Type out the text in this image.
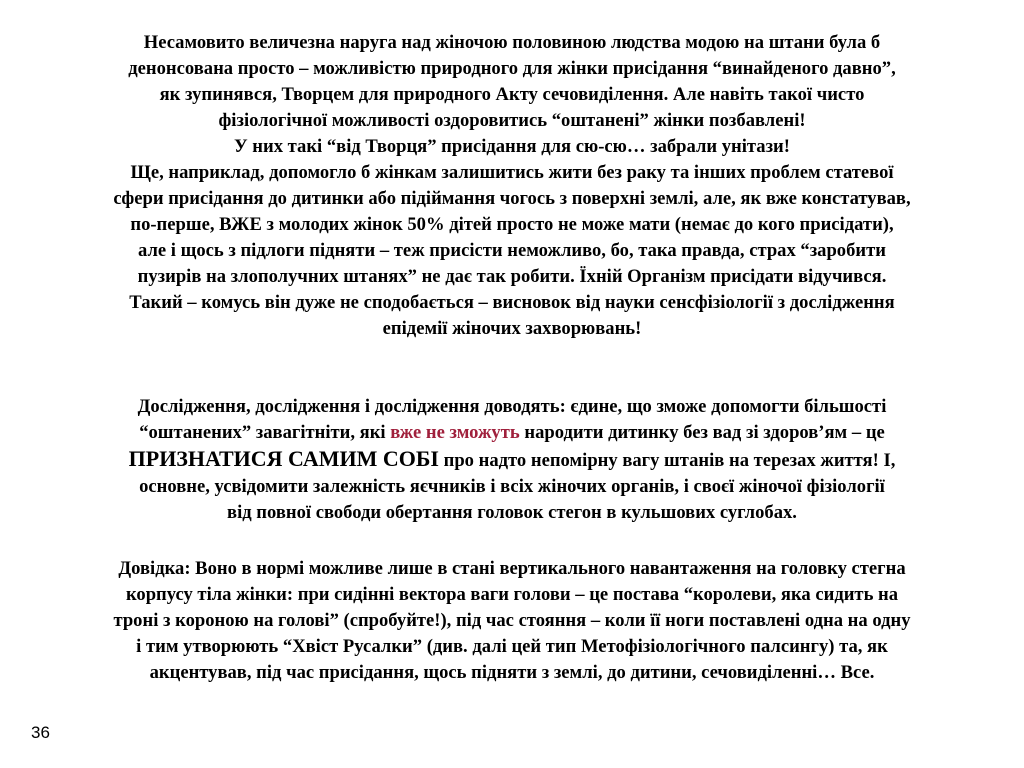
Несамовито величезна наруга над жіночою половиною людства модою на штани була б
денонсована просто – можливістю природного для жінки присідання “винайденого давно”,
як зупинявся, Творцем для природного Акту сечовиділення. Але навіть такої чисто
фізіологічної можливості оздоровитись “оштанені” жінки позбавлені!
У них такі “від Творця” присідання для сю-сю… забрали унітази!
Ще, наприклад, допомогло б жінкам залишитись жити без раку та інших проблем статевої
сфери присідання до дитинки або підіймання чогось з поверхні землі, але, як вже констатував,
по-перше, ВЖЕ з молодих жінок 50% дітей просто не може мати (немає до кого присідати),
але і щось з підлоги підняти – теж присісти неможливо, бо, така правда, страх “заробити
пузирів на злополучних штанях” не дає так робити. Їхній Організм присідати відучився.
Такий – комусь він дуже не сподобається – висновок від науки сенсфізіології з дослідження
епідемії жіночих захворювань!
Дослідження, дослідження і дослідження доводять: єдине, що зможе допомогти більшості
“оштанених” завагітніти, які вже не зможуть народити дитинку без вад зі здоров’ям – це
ПРИЗНАТИСЯ САМИМ СОБІ про надто непомірну вагу штанів на терезах життя! І,
основне, усвідомити залежність яєчників і всіх жіночих органів, і своєї жіночої фізіології
від повної свободи обертання головок стегон в кульшових суглобах.
Довідка: Воно в нормі можливе лише в стані вертикального навантаження на головку стегна
корпусу тіла жінки: при сидінні вектора ваги голови – це постава “королеви, яка сидить на
троні з короною на голові” (спробуйте!), під час стояння – коли її ноги поставлені одна на одну
і тим утворюють “Хвіст Русалки” (див. далі цей тип Метофізіологічного палсингу) та, як
акцентував, під час присідання, щось підняти з землі, до дитини, сечовиділенні… Все.
36
